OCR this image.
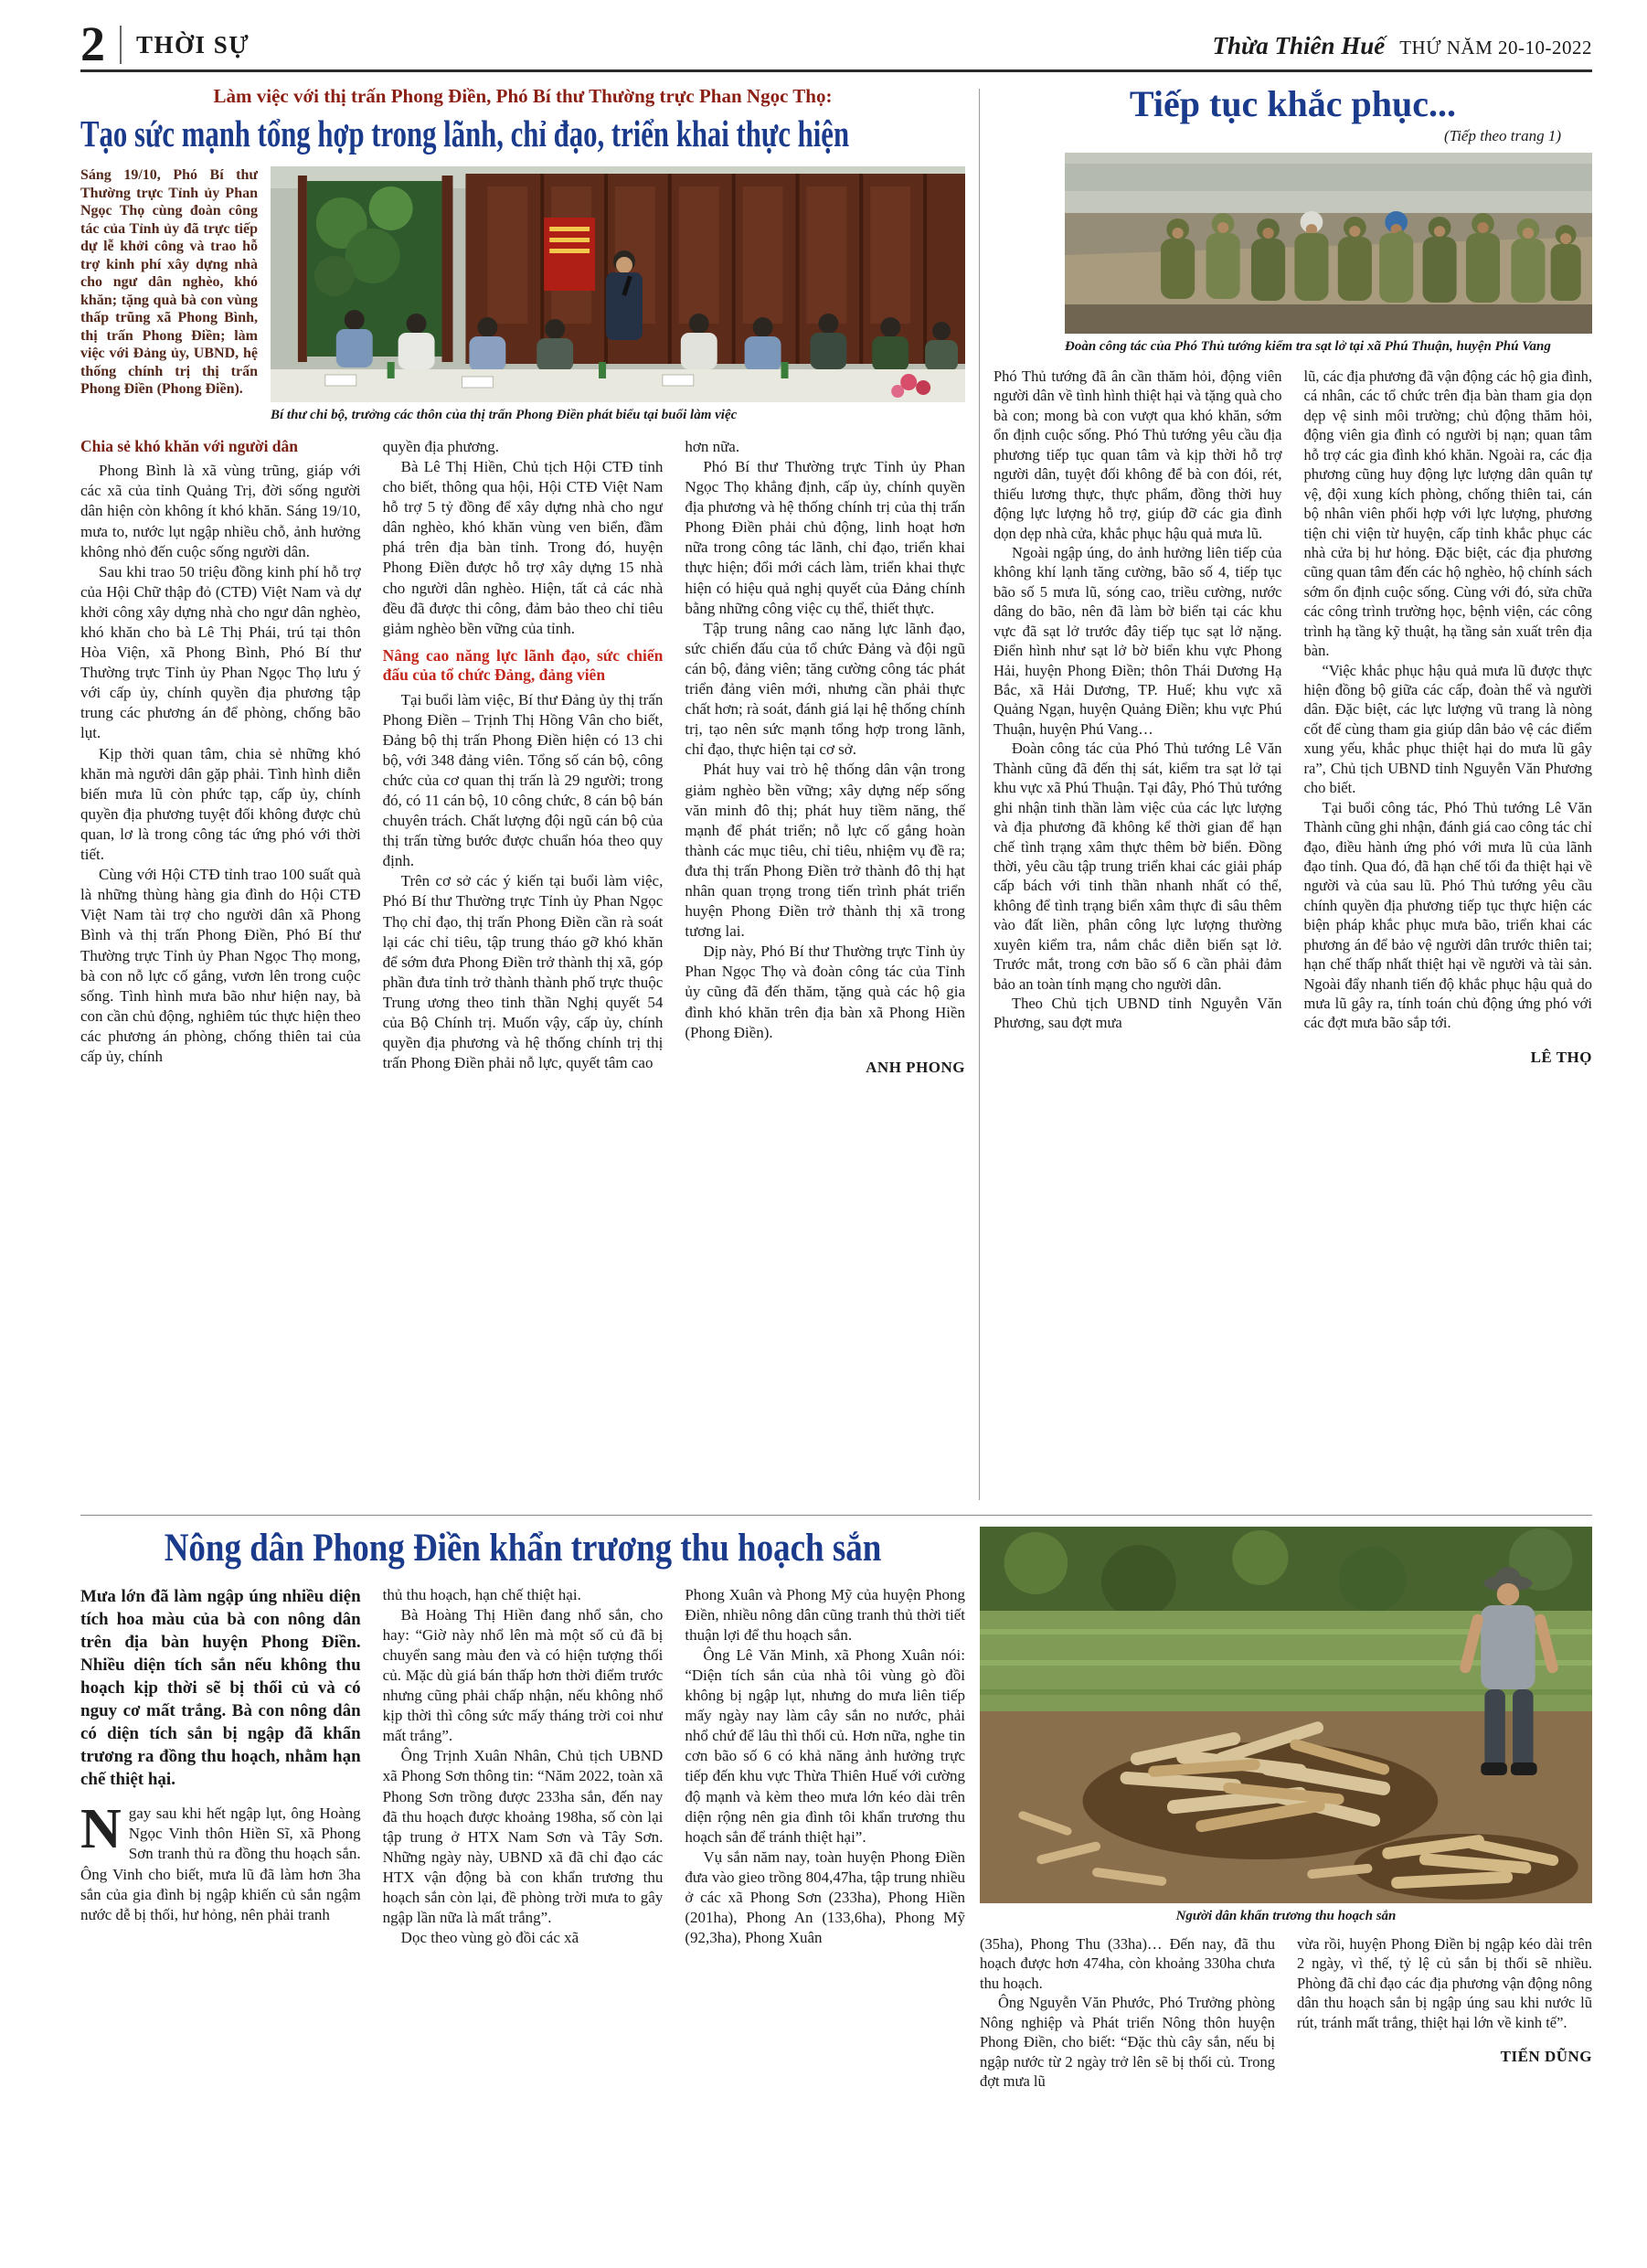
2 THỜI SỰ	Thừa Thiên Huế THỨ NĂM 20-10-2022
Làm việc với thị trấn Phong Điền, Phó Bí thư Thường trực Phan Ngọc Thọ:
Tạo sức mạnh tổng hợp trong lãnh, chỉ đạo, triển khai thực hiện
Sáng 19/10, Phó Bí thư Thường trực Tỉnh ủy Phan Ngọc Thọ cùng đoàn công tác của Tỉnh ủy đã trực tiếp dự lễ khởi công và trao hỗ trợ kinh phí xây dựng nhà cho ngư dân nghèo, khó khăn; tặng quà bà con vùng thấp trũng xã Phong Bình, thị trấn Phong Điền; làm việc với Đảng ủy, UBND, hệ thống chính trị thị trấn Phong Điền (Phong Điền).
Bí thư chi bộ, trưởng các thôn của thị trấn Phong Điền phát biểu tại buổi làm việc
Chia sẻ khó khăn với người dân

Phong Bình là xã vùng trũng, giáp với các xã của tỉnh Quảng Trị, đời sống người dân hiện còn không ít khó khăn. Sáng 19/10, mưa to, nước lụt ngập nhiều chỗ, ảnh hưởng không nhỏ đến cuộc sống người dân.

Sau khi trao 50 triệu đồng kinh phí hỗ trợ của Hội Chữ thập đỏ (CTĐ) Việt Nam và dự khởi công xây dựng nhà cho ngư dân nghèo, khó khăn cho bà Lê Thị Phái, trú tại thôn Hòa Viện, xã Phong Bình, Phó Bí thư Thường trực Tỉnh ủy Phan Ngọc Thọ lưu ý với cấp ủy, chính quyền địa phương tập trung các phương án để phòng, chống bão lụt.

Kịp thời quan tâm, chia sẻ những khó khăn mà người dân gặp phải. Tình hình diễn biến mưa lũ còn phức tạp, cấp ủy, chính quyền địa phương tuyệt đối không được chủ quan, lơ là trong công tác ứng phó với thời tiết.

Cùng với Hội CTĐ tỉnh trao 100 suất quà là những thùng hàng gia đình do Hội CTĐ Việt Nam tài trợ cho người dân xã Phong Bình và thị trấn Phong Điền, Phó Bí thư Thường trực Tỉnh ủy Phan Ngọc Thọ mong, bà con nỗ lực cố gắng, vươn lên trong cuộc sống. Tình hình mưa bão như hiện nay, bà con cần chủ động, nghiêm túc thực hiện theo các phương án phòng, chống thiên tai của cấp ủy, chính

quyền địa phương.

Bà Lê Thị Hiền, Chủ tịch Hội CTĐ tỉnh cho biết, thông qua hội, Hội CTĐ Việt Nam hỗ trợ 5 tỷ đồng để xây dựng nhà cho ngư dân nghèo, khó khăn vùng ven biển, đầm phá trên địa bàn tỉnh. Trong đó, huyện Phong Điền được hỗ trợ xây dựng 15 nhà cho người dân nghèo. Hiện, tất cả các nhà đều đã được thi công, đảm bảo theo chỉ tiêu giảm nghèo bền vững của tỉnh.

Nâng cao năng lực lãnh đạo, sức chiến đấu của tổ chức Đảng, đảng viên

Tại buổi làm việc, Bí thư Đảng ủy thị trấn Phong Điền – Trịnh Thị Hồng Vân cho biết, Đảng bộ thị trấn Phong Điền hiện có 13 chi bộ, với 348 đảng viên. Tổng số cán bộ, công chức của cơ quan thị trấn là 29 người; trong đó, có 11 cán bộ, 10 công chức, 8 cán bộ bán chuyên trách. Chất lượng đội ngũ cán bộ của thị trấn từng bước được chuẩn hóa theo quy định.

Trên cơ sở các ý kiến tại buổi làm việc, Phó Bí thư Thường trực Tỉnh ủy Phan Ngọc Thọ chỉ đạo, thị trấn Phong Điền cần rà soát lại các chỉ tiêu, tập trung tháo gỡ khó khăn để sớm đưa Phong Điền trở thành thị xã, góp phần đưa tỉnh trở thành thành phố trực thuộc Trung ương theo tinh thần Nghị quyết 54 của Bộ Chính trị. Muốn vậy, cấp ủy, chính quyền địa phương và hệ thống chính trị thị trấn Phong Điền phải nỗ lực, quyết tâm cao

hơn nữa.

Phó Bí thư Thường trực Tỉnh ủy Phan Ngọc Thọ khẳng định, cấp ủy, chính quyền địa phương và hệ thống chính trị của thị trấn Phong Điền phải chủ động, linh hoạt hơn nữa trong công tác lãnh, chỉ đạo, triển khai thực hiện; đổi mới cách làm, triển khai thực hiện có hiệu quả nghị quyết của Đảng chính bằng những công việc cụ thể, thiết thực.

Tập trung nâng cao năng lực lãnh đạo, sức chiến đấu của tổ chức Đảng và đội ngũ cán bộ, đảng viên; tăng cường công tác phát triển đảng viên mới, nhưng cần phải thực chất hơn; rà soát, đánh giá lại hệ thống chính trị, tạo nên sức mạnh tổng hợp trong lãnh, chỉ đạo, thực hiện tại cơ sở.

Phát huy vai trò hệ thống dân vận trong giảm nghèo bền vững; xây dựng nếp sống văn minh đô thị; phát huy tiềm năng, thế mạnh để phát triển; nỗ lực cố gắng hoàn thành các mục tiêu, chỉ tiêu, nhiệm vụ đề ra; đưa thị trấn Phong Điền trở thành đô thị hạt nhân quan trọng trong tiến trình phát triển huyện Phong Điền trở thành thị xã trong tương lai.

Dịp này, Phó Bí thư Thường trực Tỉnh ủy Phan Ngọc Thọ và đoàn công tác của Tỉnh ủy cũng đã đến thăm, tặng quà các hộ gia đình khó khăn trên địa bàn xã Phong Hiền (Phong Điền).

ANH PHONG
Tiếp tục khắc phục...
(Tiếp theo trang 1)
Đoàn công tác của Phó Thủ tướng kiểm tra sạt lở tại xã Phú Thuận, huyện Phú Vang

Phó Thủ tướng đã ân cần thăm hỏi, động viên người dân về tình hình thiệt hại và tặng quà cho bà con; mong bà con vượt qua khó khăn, sớm ổn định cuộc sống. Phó Thủ tướng yêu cầu địa phương tiếp tục quan tâm và kịp thời hỗ trợ người dân, tuyệt đối không để bà con đói, rét, thiếu lương thực, thực phẩm, đồng thời huy động lực lượng hỗ trợ, giúp đỡ các gia đình dọn dẹp nhà cửa, khắc phục hậu quả mưa lũ.

Ngoài ngập úng, do ảnh hưởng liên tiếp của không khí lạnh tăng cường, bão số 4, tiếp tục bão số 5 mưa lũ, sóng cao, triều cường, nước dâng do bão, nên đã làm bờ biển tại các khu vực đã sạt lở trước đây tiếp tục sạt lở nặng. Điển hình như sạt lở bờ biển khu vực Phong Hải, huyện Phong Điền; thôn Thái Dương Hạ Bắc, xã Hải Dương, TP. Huế; khu vực xã Quảng Ngạn, huyện Quảng Điền; khu vực Phú Thuận, huyện Phú Vang…

Đoàn công tác của Phó Thủ tướng Lê Văn Thành cũng đã đến thị sát, kiểm tra sạt lở tại khu vực xã Phú Thuận. Tại đây, Phó Thủ tướng ghi nhận tinh thần làm việc của các lực lượng và địa phương đã không kể thời gian để hạn chế tình trạng xâm thực thêm bờ biển. Đồng thời, yêu cầu tập trung triển khai các giải pháp cấp bách với tinh thần nhanh nhất có thể, không để tình trạng biển xâm thực đi sâu thêm vào đất liền, phân công lực lượng thường xuyên kiểm tra, nắm chắc diễn biến sạt lở. Trước mắt, trong cơn bão số 6 cần phải đảm bảo an toàn tính mạng cho người dân.

Theo Chủ tịch UBND tỉnh Nguyễn Văn Phương, sau đợt mưa

lũ, các địa phương đã vận động các hộ gia đình, cá nhân, các tổ chức trên địa bàn tham gia dọn dẹp vệ sinh môi trường; chủ động thăm hỏi, động viên gia đình có người bị nạn; quan tâm hỗ trợ các gia đình khó khăn. Ngoài ra, các địa phương cũng huy động lực lượng dân quân tự vệ, đội xung kích phòng, chống thiên tai, cán bộ nhân viên phối hợp với lực lượng, phương tiện chi viện từ huyện, cấp tỉnh khắc phục các nhà cửa bị hư hỏng. Đặc biệt, các địa phương cũng quan tâm đến các hộ nghèo, hộ chính sách sớm ổn định cuộc sống. Cùng với đó, sửa chữa các công trình trường học, bệnh viện, các công trình hạ tầng kỹ thuật, hạ tầng sản xuất trên địa bàn.

“Việc khắc phục hậu quả mưa lũ được thực hiện đồng bộ giữa các cấp, đoàn thể và người dân. Đặc biệt, các lực lượng vũ trang là nòng cốt để cùng tham gia giúp dân bảo vệ các điểm xung yếu, khắc phục thiệt hại do mưa lũ gây ra”, Chủ tịch UBND tỉnh Nguyễn Văn Phương cho biết.

Tại buổi công tác, Phó Thủ tướng Lê Văn Thành cũng ghi nhận, đánh giá cao công tác chỉ đạo, điều hành ứng phó với mưa lũ của lãnh đạo tỉnh. Qua đó, đã hạn chế tối đa thiệt hại về người và của sau lũ. Phó Thủ tướng yêu cầu chính quyền địa phương tiếp tục thực hiện các biện pháp khắc phục mưa bão, triển khai các phương án để bảo vệ người dân trước thiên tai; hạn chế thấp nhất thiệt hại về người và tài sản. Ngoài đẩy nhanh tiến độ khắc phục hậu quả do mưa lũ gây ra, tính toán chủ động ứng phó với các đợt mưa bão sắp tới.

LÊ THỌ
Nông dân Phong Điền khẩn trương thu hoạch sắn
Mưa lớn đã làm ngập úng nhiều diện tích hoa màu của bà con nông dân trên địa bàn huyện Phong Điền. Nhiều diện tích sắn nếu không thu hoạch kịp thời sẽ bị thối củ và có nguy cơ mất trắng. Bà con nông dân có diện tích sắn bị ngập đã khẩn trương ra đồng thu hoạch, nhằm hạn chế thiệt hại.

Ngay sau khi hết ngập lụt, ông Hoàng Ngọc Vinh thôn Hiền Sĩ, xã Phong Sơn tranh thủ ra đồng thu hoạch sắn. Ông Vinh cho biết, mưa lũ đã làm hơn 3ha sắn của gia đình bị ngập khiến củ sắn ngậm nước dễ bị thối, hư hỏng, nên phải tranh

thủ thu hoạch, hạn chế thiệt hại.

Bà Hoàng Thị Hiền đang nhổ sắn, cho hay: “Giờ này nhổ lên mà một số củ đã bị chuyển sang màu đen và có hiện tượng thối củ. Mặc dù giá bán thấp hơn thời điểm trước nhưng cũng phải chấp nhận, nếu không nhổ kịp thời thì công sức mấy tháng trời coi như mất trắng”.

Ông Trịnh Xuân Nhân, Chủ tịch UBND xã Phong Sơn thông tin: “Năm 2022, toàn xã Phong Sơn trồng được 233ha sắn, đến nay đã thu hoạch được khoảng 198ha, số còn lại tập trung ở HTX Nam Sơn và Tây Sơn. Những ngày này, UBND xã đã chỉ đạo các HTX vận động bà con khẩn trương thu hoạch sắn còn lại, đề phòng trời mưa to gây ngập lần nữa là mất trắng”.

Dọc theo vùng gò đồi các xã

Phong Xuân và Phong Mỹ của huyện Phong Điền, nhiều nông dân cũng tranh thủ thời tiết thuận lợi để thu hoạch sắn.

Ông Lê Văn Minh, xã Phong Xuân nói: “Diện tích sắn của nhà tôi vùng gò đồi không bị ngập lụt, nhưng do mưa liên tiếp mấy ngày nay làm cây sắn no nước, phải nhổ chứ để lâu thì thối củ. Hơn nữa, nghe tin cơn bão số 6 có khả năng ảnh hưởng trực tiếp đến khu vực Thừa Thiên Huế với cường độ mạnh và kèm theo mưa lớn kéo dài trên diện rộng nên gia đình tôi khẩn trương thu hoạch sắn để tránh thiệt hại”.

Vụ sắn năm nay, toàn huyện Phong Điền đưa vào gieo trồng 804,47ha, tập trung nhiều ở các xã Phong Sơn (233ha), Phong Hiền (201ha), Phong An (133,6ha), Phong Mỹ (92,3ha), Phong Xuân

Người dân khẩn trương thu hoạch sắn

(35ha), Phong Thu (33ha)… Đến nay, đã thu hoạch được hơn 474ha, còn khoảng 330ha chưa thu hoạch.

Ông Nguyễn Văn Phước, Phó Trưởng phòng Nông nghiệp và Phát triển Nông thôn huyện Phong Điền, cho biết: “Đặc thù cây sắn, nếu bị ngập nước từ 2 ngày trở lên sẽ bị thối củ. Trong đợt mưa lũ

vừa rồi, huyện Phong Điền bị ngập kéo dài trên 2 ngày, vì thế, tỷ lệ củ sắn bị thối sẽ nhiều. Phòng đã chỉ đạo các địa phương vận động nông dân thu hoạch sắn bị ngập úng sau khi nước lũ rút, tránh mất trắng, thiệt hại lớn về kinh tế”.

TIẾN DŨNG
